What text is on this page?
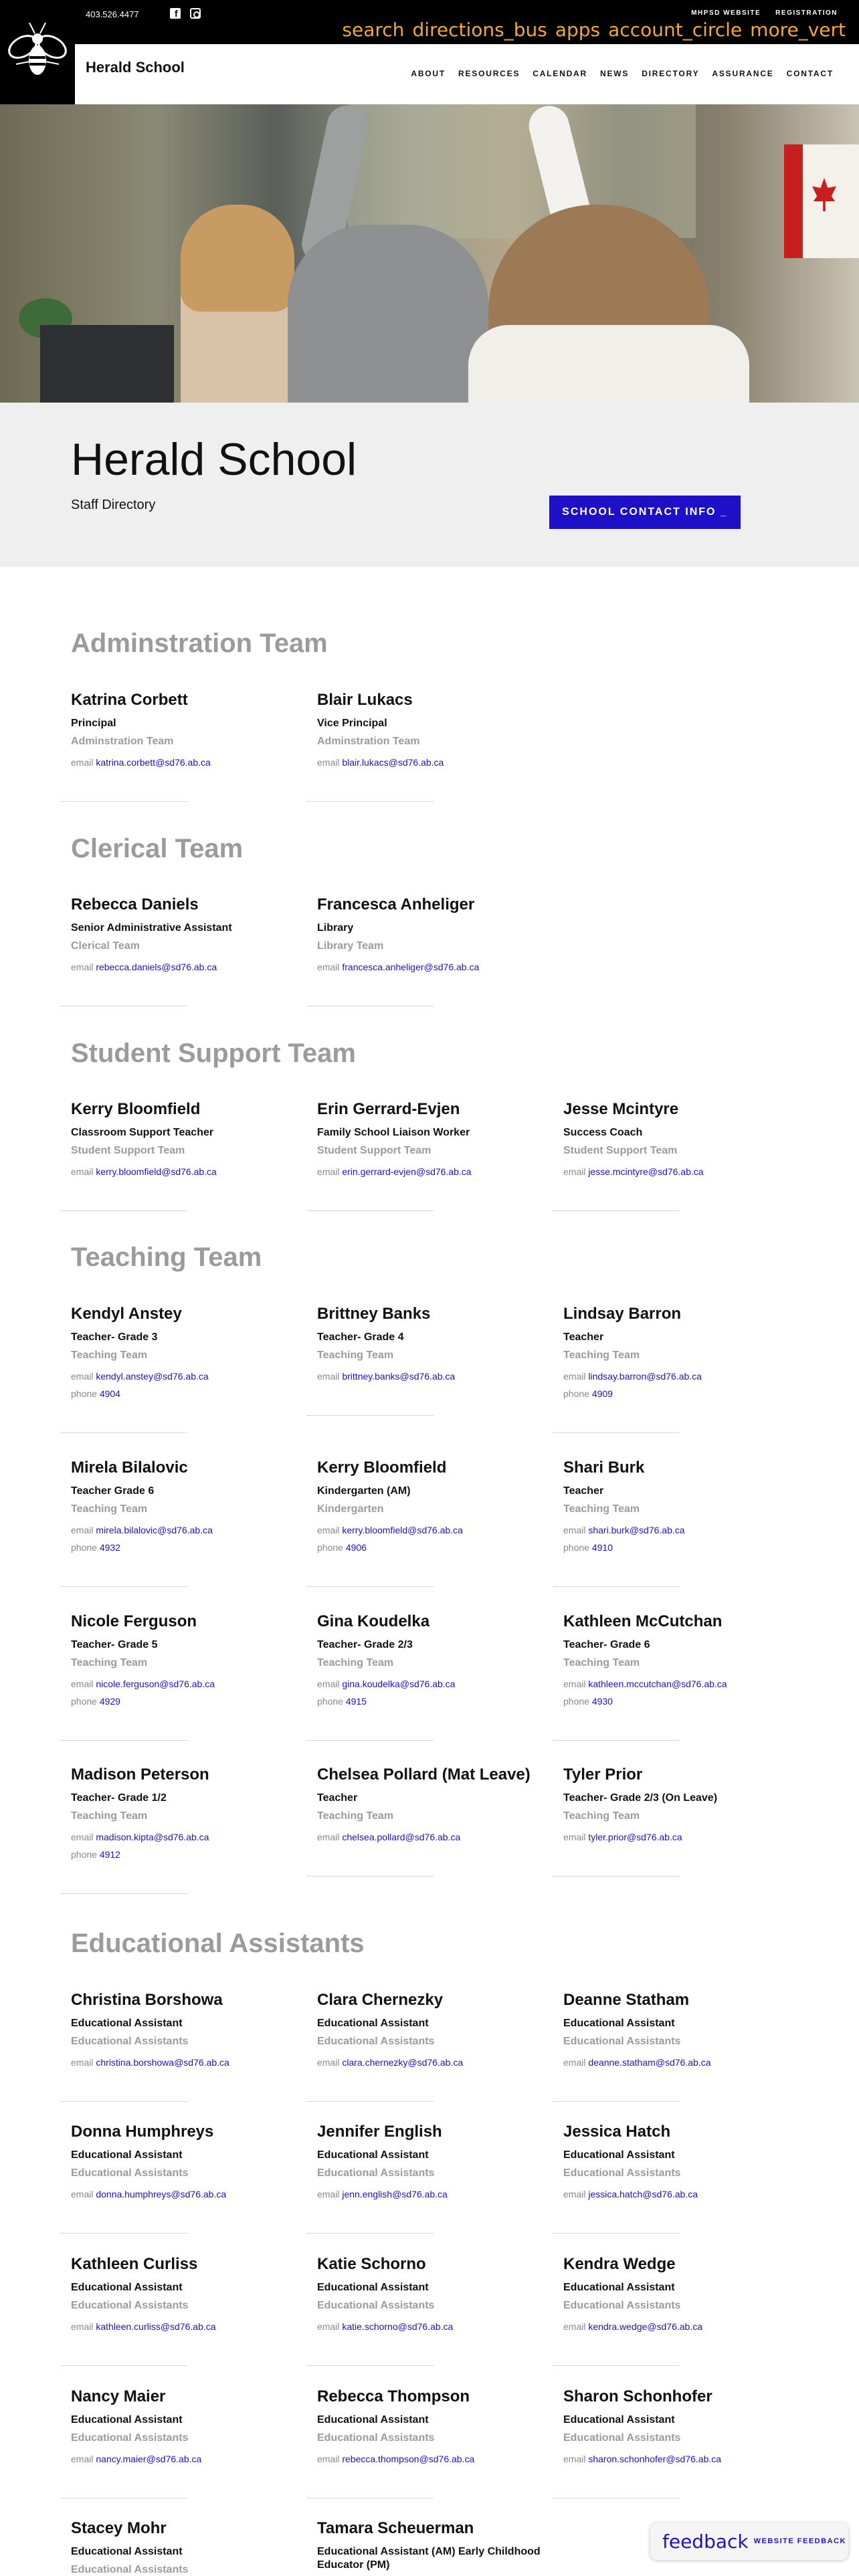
403.526.4477
f	MHPSD WEBSITE REGISTRATION
search directions_bus apps account_circle more_vert
Herald School	ABOUT RESOURCES CALENDAR NEWS DIRECTORY ASSURANCE CONTACT
Herald School
Staff Directory	SCHOOL CONTACT INFO _
Adminstration Team
Katrina Corbett
Principal
Adminstration Team
email katrina.corbett@sd76.ab.ca
Blair Lukacs
Vice Principal
Adminstration Team
email blair.lukacs@sd76.ab.ca
Clerical Team
Rebecca Daniels
Senior Administrative Assistant
Clerical Team
email rebecca.daniels@sd76.ab.ca
Francesca Anheliger
Library
Library Team
email francesca.anheliger@sd76.ab.ca
Student Support Team
Kerry Bloomfield
Classroom Support Teacher
Student Support Team
email kerry.bloomfield@sd76.ab.ca
Erin Gerrard-Evjen
Family School Liaison Worker
Student Support Team
email erin.gerrard-evjen@sd76.ab.ca
Jesse Mcintyre
Success Coach
Student Support Team
email jesse.mcintyre@sd76.ab.ca
Teaching Team
Kendyl Anstey
Teacher- Grade 3
Teaching Team
email kendyl.anstey@sd76.ab.ca
phone 4904
Brittney Banks
Teacher- Grade 4
Teaching Team
email brittney.banks@sd76.ab.ca
Lindsay Barron
Teacher
Teaching Team
email lindsay.barron@sd76.ab.ca
phone 4909
Mirela Bilalovic
Teacher Grade 6
Teaching Team
email mirela.bilalovic@sd76.ab.ca
phone 4932
Kerry Bloomfield
Kindergarten (AM)
Kindergarten
email kerry.bloomfield@sd76.ab.ca
phone 4906
Shari Burk
Teacher
Teaching Team
email shari.burk@sd76.ab.ca
phone 4910
Nicole Ferguson
Teacher- Grade 5
Teaching Team
email nicole.ferguson@sd76.ab.ca
phone 4929
Gina Koudelka
Teacher- Grade 2/3
Teaching Team
email gina.koudelka@sd76.ab.ca
phone 4915
Kathleen McCutchan
Teacher- Grade 6
Teaching Team
email kathleen.mccutchan@sd76.ab.ca
phone 4930
Madison Peterson
Teacher- Grade 1/2
Teaching Team
email madison.kipta@sd76.ab.ca
phone 4912
Chelsea Pollard (Mat Leave)
Teacher
Teaching Team
email chelsea.pollard@sd76.ab.ca
Tyler Prior
Teacher- Grade 2/3 (On Leave)
Teaching Team
email tyler.prior@sd76.ab.ca
Educational Assistants
Christina Borshowa
Educational Assistant
Educational Assistants
email christina.borshowa@sd76.ab.ca
Clara Chernezky
Educational Assistant
Educational Assistants
email clara.chernezky@sd76.ab.ca
Deanne Statham
Educational Assistant
Educational Assistants
email deanne.statham@sd76.ab.ca
Donna Humphreys
Educational Assistant
Educational Assistants
email donna.humphreys@sd76.ab.ca
Jennifer English
Educational Assistant
Educational Assistants
email jenn.english@sd76.ab.ca
Jessica Hatch
Educational Assistant
Educational Assistants
email jessica.hatch@sd76.ab.ca
Kathleen Curliss
Educational Assistant
Educational Assistants
email kathleen.curliss@sd76.ab.ca
Katie Schorno
Educational Assistant
Educational Assistants
email katie.schorno@sd76.ab.ca
Kendra Wedge
Educational Assistant
Educational Assistants
email kendra.wedge@sd76.ab.ca
Nancy Maier
Educational Assistant
Educational Assistants
email nancy.maier@sd76.ab.ca
Rebecca Thompson
Educational Assistant
Educational Assistants
email rebecca.thompson@sd76.ab.ca
Sharon Schonhofer
Educational Assistant
Educational Assistants
email sharon.schonhofer@sd76.ab.ca
Stacey Mohr
Educational Assistant
Educational Assistants
Tamara Scheuerman
Educational Assistant (AM) Early Childhood Educator (PM)
feedback WEBSITE FEEDBACK
